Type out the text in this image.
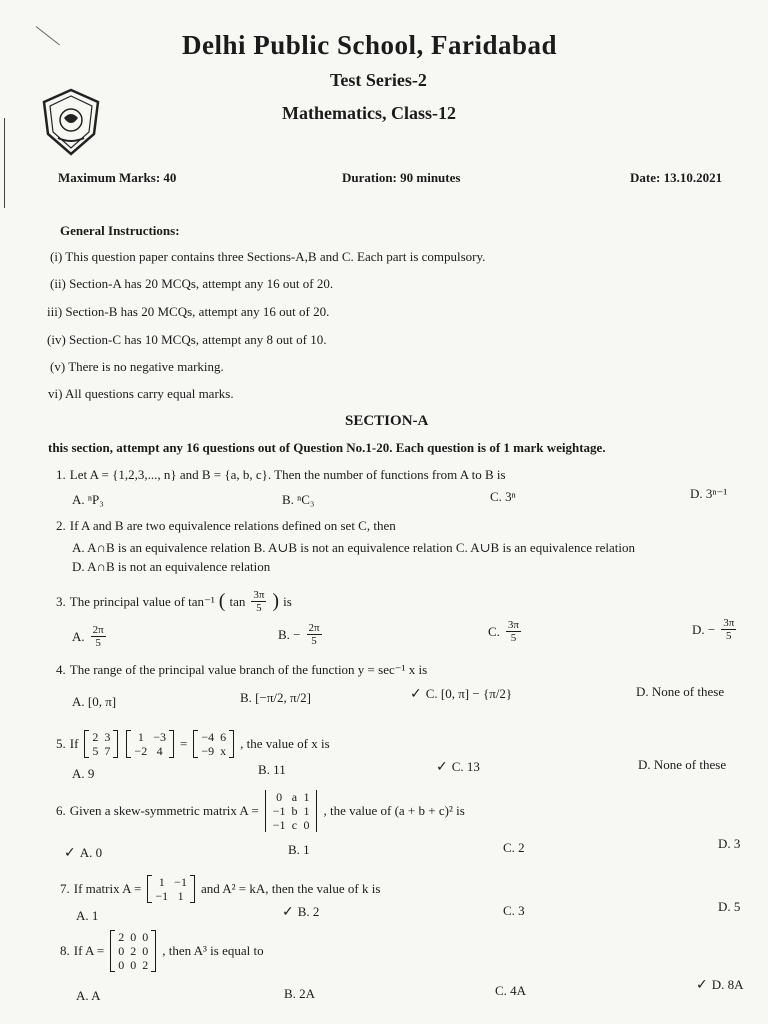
Delhi Public School, Faridabad
Test Series-2
Mathematics, Class-12
Maximum Marks: 40	Duration: 90 minutes	Date: 13.10.2021
General Instructions:
(i) This question paper contains three Sections-A,B and C. Each part is compulsory.
(ii) Section-A has 20 MCQs, attempt any 16 out of 20.
iii) Section-B has 20 MCQs, attempt any 16 out of 20.
(iv) Section-C has 10 MCQs, attempt any 8 out of 10.
(v) There is no negative marking.
vi) All questions carry equal marks.
SECTION-A
this section, attempt any 16 questions out of Question No.1-20. Each question is of 1 mark weightage.
1. Let A = {1,2,3,..., n} and B = {a, b, c}. Then the number of functions from A to B is
A. ⁿP₃	B. ⁿC₃	C. 3ⁿ	D. 3ⁿ⁻¹
2. If A and B are two equivalence relations defined on set C, then
A. A∩B is an equivalence relation B. A∪B is not an equivalence relation C. A∪B is an equivalence relation
D. A∩B is not an equivalence relation
3. The principal value of tan⁻¹ ( $\tan \frac{3\pi}{5}$ ) is
A. $\frac{2\pi}{5}$	B. − $\frac{2\pi}{5}$	C. $\frac{3\pi}{5}$	D. − $\frac{3\pi}{5}$
4. The range of the principal value branch of the function y = sec⁻¹ x is
A. [0, π]	B. [−π/2, π/2]	✓ C. [0, π] − {π/2}	D. None of these
5. If 2	3
5	7
1	−3
−2	4 = −4	6
−9	x , the value of x is
A. 9	B. 11	✓ C. 13	D. None of these
6. Given a skew-symmetric matrix A =
0	a	1
−1	b	1
−1	c	0
, the value of (a + b + c)² is
✓ A. 0	B. 1	C. 2	D. 3
7. If matrix A = 1	−1
−1	1 and A² = kA, then the value of k is
A. 1	✓ B. 2	C. 3	D. 5
8. If A =
2	0	0
0	2	0
0	0	2
, then A³ is equal to
A. A	B. 2A	C. 4A	✓ D. 8A
